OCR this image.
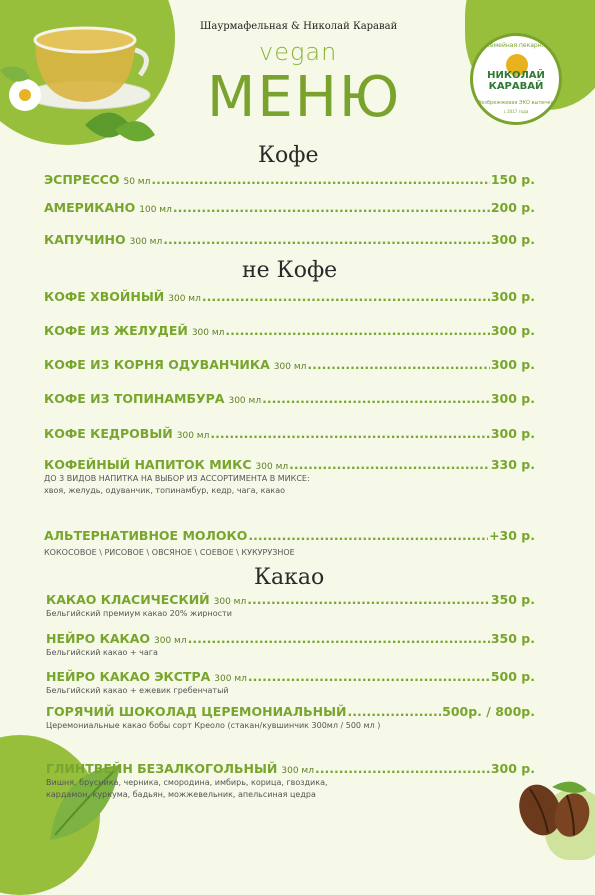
Шаурмафельная & Николай Каравай
vegan
МЕНЮ
семейная пекарня
НИКОЛАЙ
КАРАВАЙ
безбрежжевая ЭКО выпечка
с 2017 года
Кофе
ЭСПРЕССО 50 мл .....	150 р.
АМЕРИКАНО 100 мл .....	200 р.
КАПУЧИНО 300 мл .....	300 р.
не Кофе
КОФЕ ХВОЙНЫЙ 300 мл .....	300 р.
КОФЕ ИЗ ЖЕЛУДЕЙ 300 мл .....	300 р.
КОФЕ ИЗ КОРНЯ ОДУВАНЧИКА 300 мл .....	300 р.
КОФЕ ИЗ ТОПИНАМБУРА 300 мл .....	300 р.
КОФЕ КЕДРОВЫЙ 300 мл .....	300 р.
КОФЕЙНЫЙ НАПИТОК МИКС 300 мл .....	330 р.
ДО 3 ВИДОВ НАПИТКА НА ВЫБОР ИЗ АССОРТИМЕНТА В МИКСЕ:
хвоя, желудь, одуванчик, топинамбур, кедр, чага, какао
АЛЬТЕРНАТИВНОЕ МОЛОКО .....	+30 р.
КОКОСОВОЕ \ РИСОВОЕ \ ОВСЯНОЕ \ СОЕВОЕ \ КУКУРУЗНОЕ
Какао
КАКАО КЛАСИЧЕСКИЙ 300 мл .....	350 р.
Бельгийский премиум какао 20% жирности
НЕЙРО КАКАО 300 мл .....	350 р.
Бельгийский какао + чага
НЕЙРО КАКАО ЭКСТРА 300 мл .....	500 р.
Бельгийский какао + ежевик гребенчатый
ГОРЯЧИЙ ШОКОЛАД ЦЕРЕМОНИАЛЬНЫЙ .....	500р. / 800р.
Церемониальные какао бобы сорт Креоло (стакан/кувшинчик 300мл / 500 мл )
ГЛИНТВЕЙН БЕЗАЛКОГОЛЬНЫЙ 300 мл .....	300 р.
Вишня, брусника, черника, смородина, имбирь, корица, гвоздика,
кардамон, куркума, бадьян, можжевельник, апельсиная цедра
